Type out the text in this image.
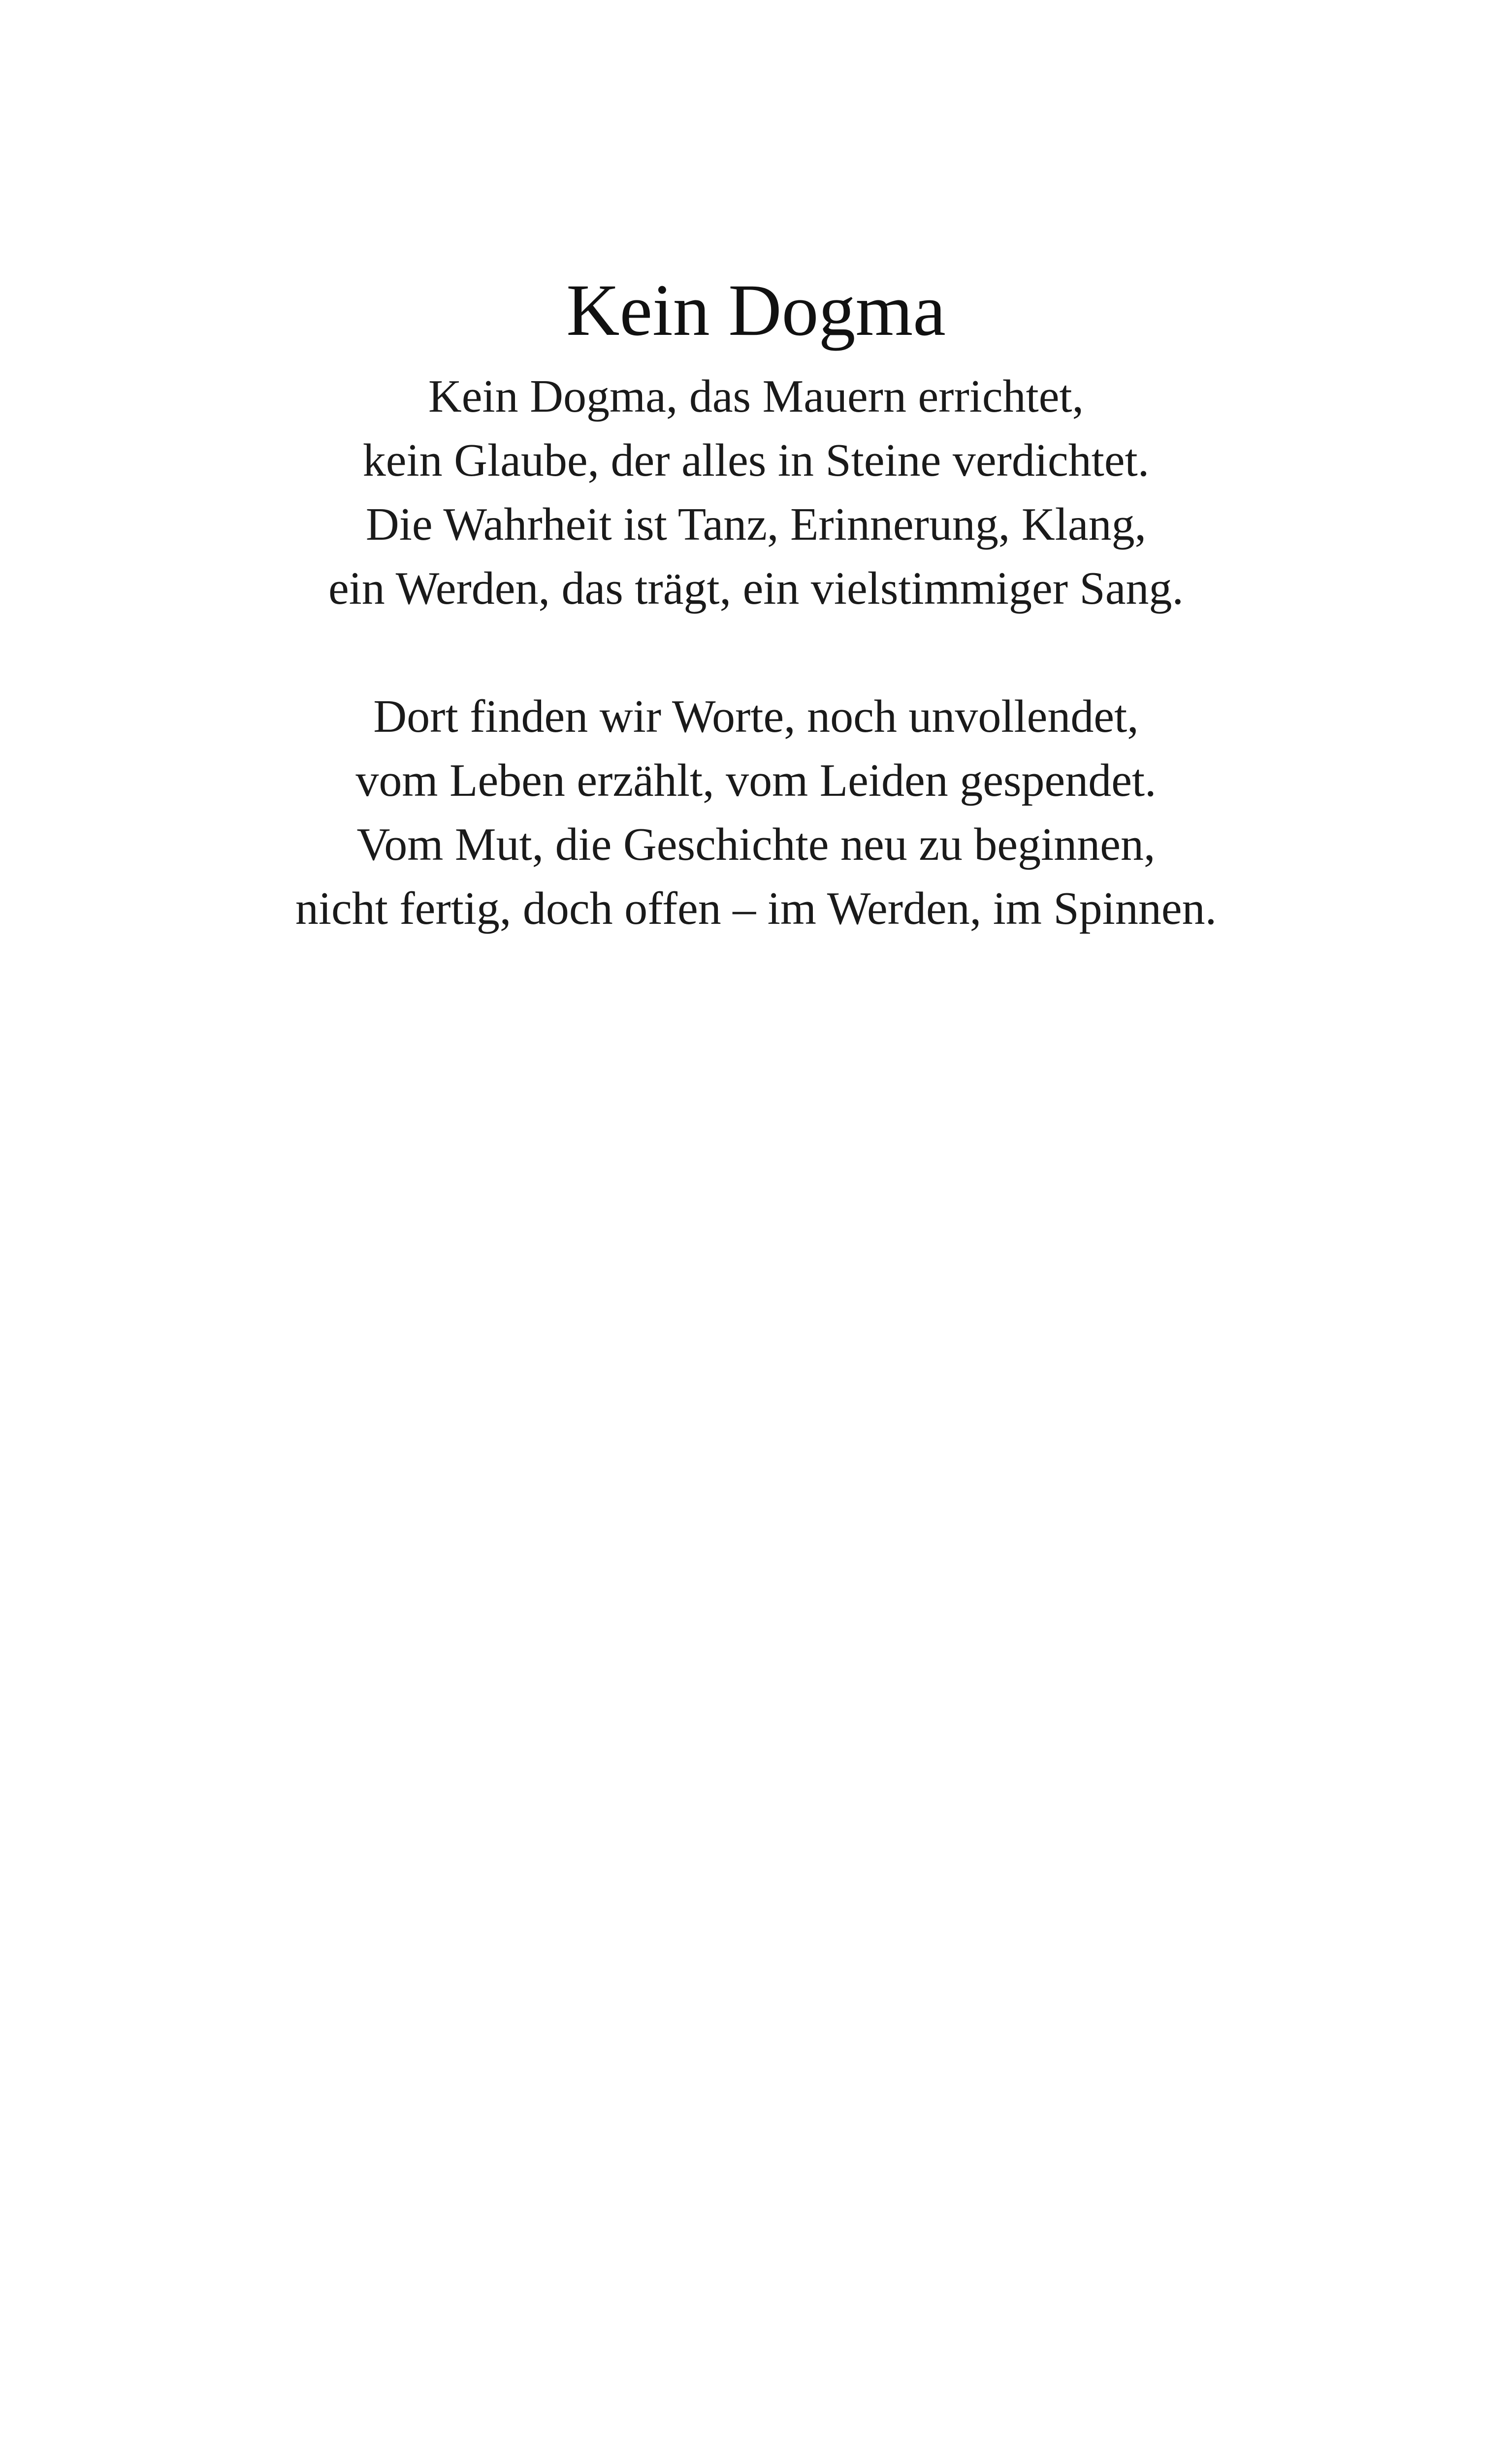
Kein Dogma
Kein Dogma, das Mauern errichtet,
kein Glaube, der alles in Steine verdichtet.
Die Wahrheit ist Tanz, Erinnerung, Klang,
ein Werden, das trägt, ein vielstimmiger Sang.
Dort finden wir Worte, noch unvollendet,
vom Leben erzählt, vom Leiden gespendet.
Vom Mut, die Geschichte neu zu beginnen,
nicht fertig, doch offen – im Werden, im Spinnen.
